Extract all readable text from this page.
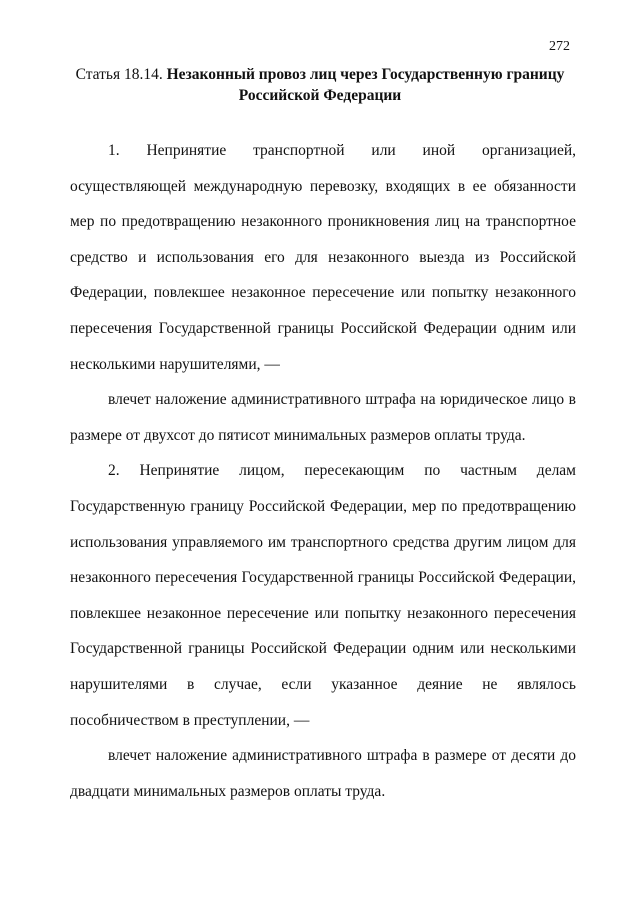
272
Статья 18.14. Незаконный провоз лиц через Государственную границу Российской Федерации

1. Непринятие транспортной или иной организацией, осуществляющей международную перевозку, входящих в ее обязанности мер по предотвращению незаконного проникновения лиц на транспортное средство и использования его для незаконного выезда из Российской Федерации, повлекшее незаконное пересечение или попытку незаконного пересечения Государственной границы Российской Федерации одним или несколькими нарушителями, —

влечет наложение административного штрафа на юридическое лицо в размере от двухсот до пятисот минимальных размеров оплаты труда.

2. Непринятие лицом, пересекающим по частным делам Государственную границу Российской Федерации, мер по предотвращению использования управляемого им транспортного средства другим лицом для незаконного пересечения Государственной границы Российской Федерации, повлекшее незаконное пересечение или попытку незаконного пересечения Государственной границы Российской Федерации одним или несколькими нарушителями в случае, если указанное деяние не являлось пособничеством в преступлении, —

влечет наложение административного штрафа в размере от десяти до двадцати минимальных размеров оплаты труда.
